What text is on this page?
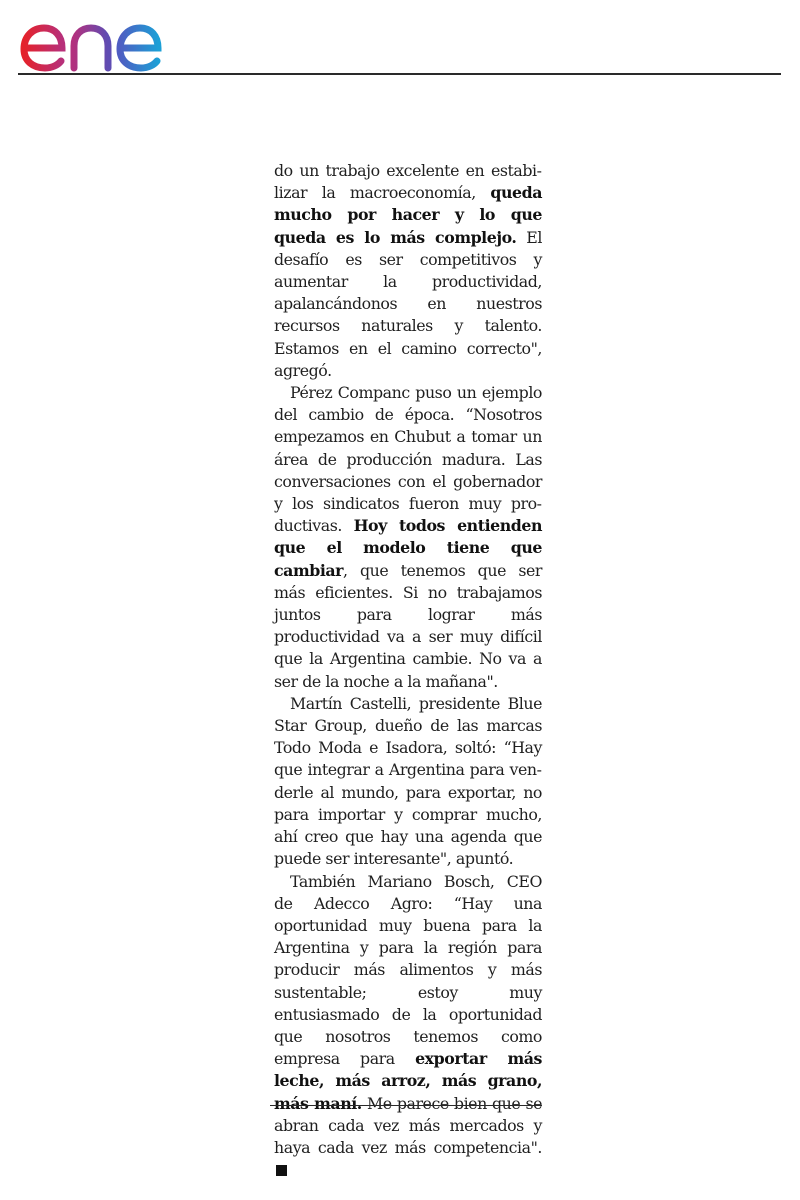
do un trabajo excelente en estabilizar la macroeconomía, queda mucho por hacer y lo que queda es lo más complejo. El desafío es ser competitivos y aumentar la productividad, apalancándonos en nuestros recursos naturales y talento. Estamos en el camino correcto", agregó.

Pérez Companc puso un ejemplo del cambio de época. “Nosotros empezamos en Chubut a tomar un área de producción madura. Las conversaciones con el gobernador y los sindicatos fueron muy productivas. Hoy todos entienden que el modelo tiene que cambiar, que tenemos que ser más eficientes. Si no trabajamos juntos para lograr más productividad va a ser muy difícil que la Argentina cambie. No va a ser de la noche a la mañana".

Martín Castelli, presidente Blue Star Group, dueño de las marcas Todo Moda e Isadora, soltó: “Hay que integrar a Argentina para venderle al mundo, para exportar, no para importar y comprar mucho, ahí creo que hay una agenda que puede ser interesante", apuntó.

También Mariano Bosch, CEO de Adecco Agro: “Hay una oportunidad muy buena para la Argentina y para la región para producir más alimentos y más sustentable; estoy muy entusiasmado de la oportunidad que nosotros tenemos como empresa para exportar más leche, más arroz, más grano, más maní. Me parece bien que se abran cada vez más mercados y haya cada vez más competencia".
